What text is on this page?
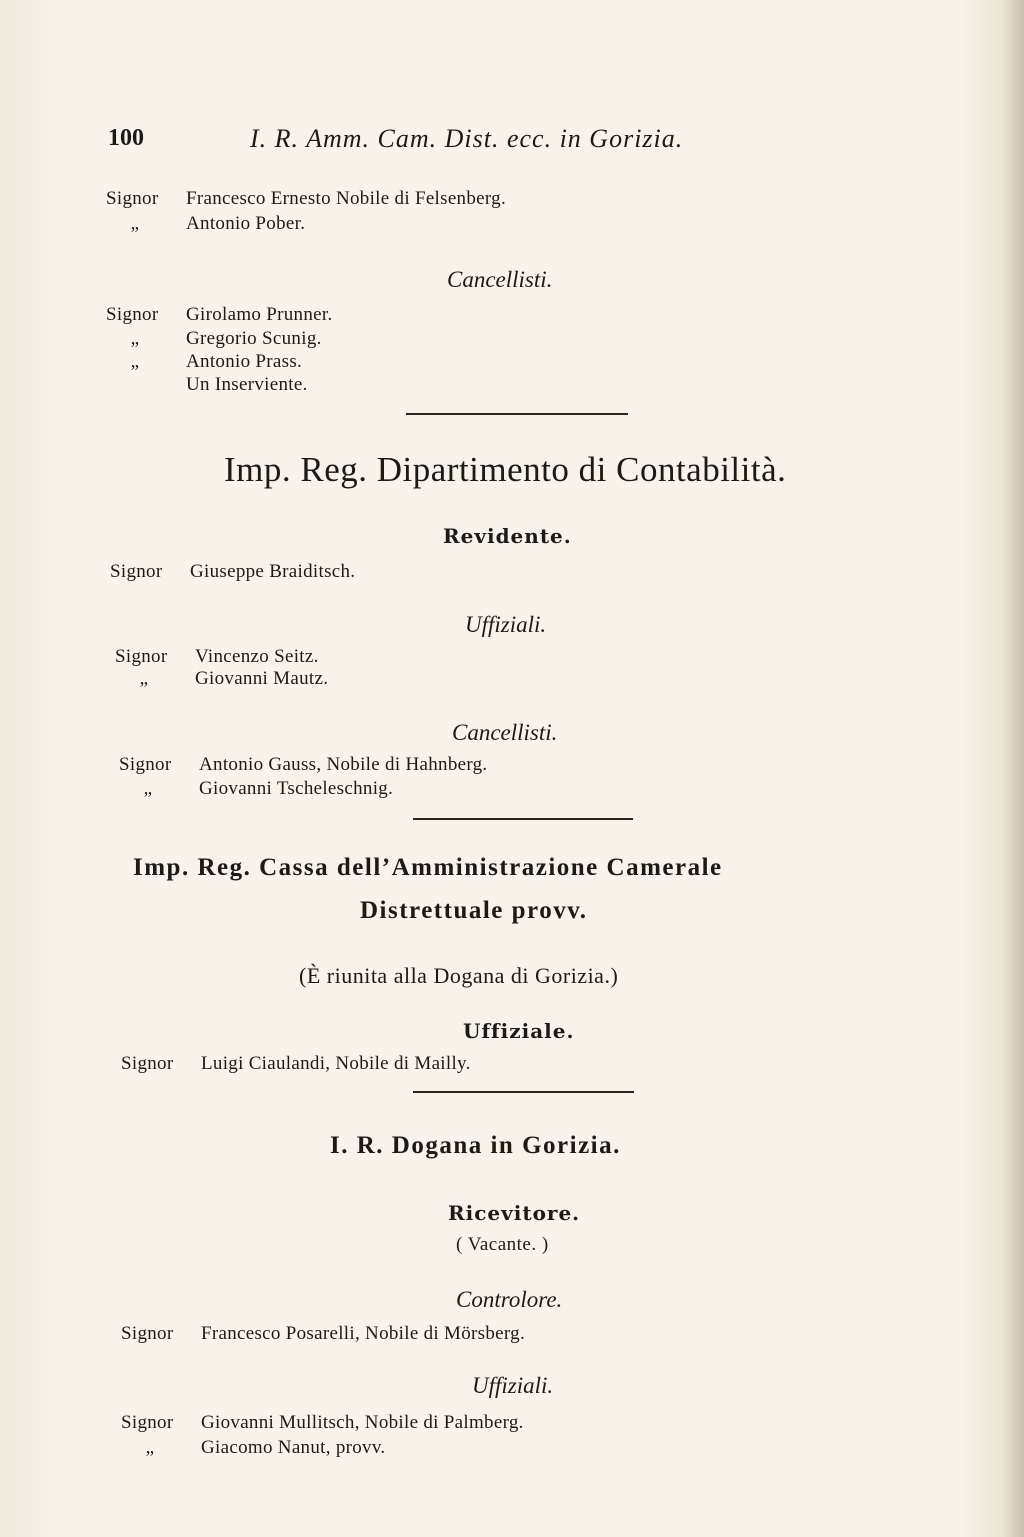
100	I. R. Amm. Cam. Dist. ecc. in Gorizia.
Signor Francesco Ernesto Nobile di Felsenberg.
„ Antonio Pober.
Cancellisti.
Signor Girolamo Prunner.
„ Gregorio Scunig.
„ Antonio Prass.
Un Inserviente.
Imp. Reg. Dipartimento di Contabilità.
Revidente.
Signor Giuseppe Braiditsch.
Uffiziali.
Signor Vincenzo Seitz.
„ Giovanni Mautz.
Cancellisti.
Signor Antonio Gauss, Nobile di Hahnberg.
„ Giovanni Tscheleschnig.
Imp. Reg. Cassa dell’Amministrazione Camerale
Distrettuale provv.
(È riunita alla Dogana di Gorizia.)
Uffiziale.
Signor Luigi Ciaulandi, Nobile di Mailly.
I. R. Dogana in Gorizia.
Ricevitore.
( Vacante. )
Controlore.
Signor Francesco Posarelli, Nobile di Mörsberg.
Uffiziali.
Signor Giovanni Mullitsch, Nobile di Palmberg.
„ Giacomo Nanut, provv.
